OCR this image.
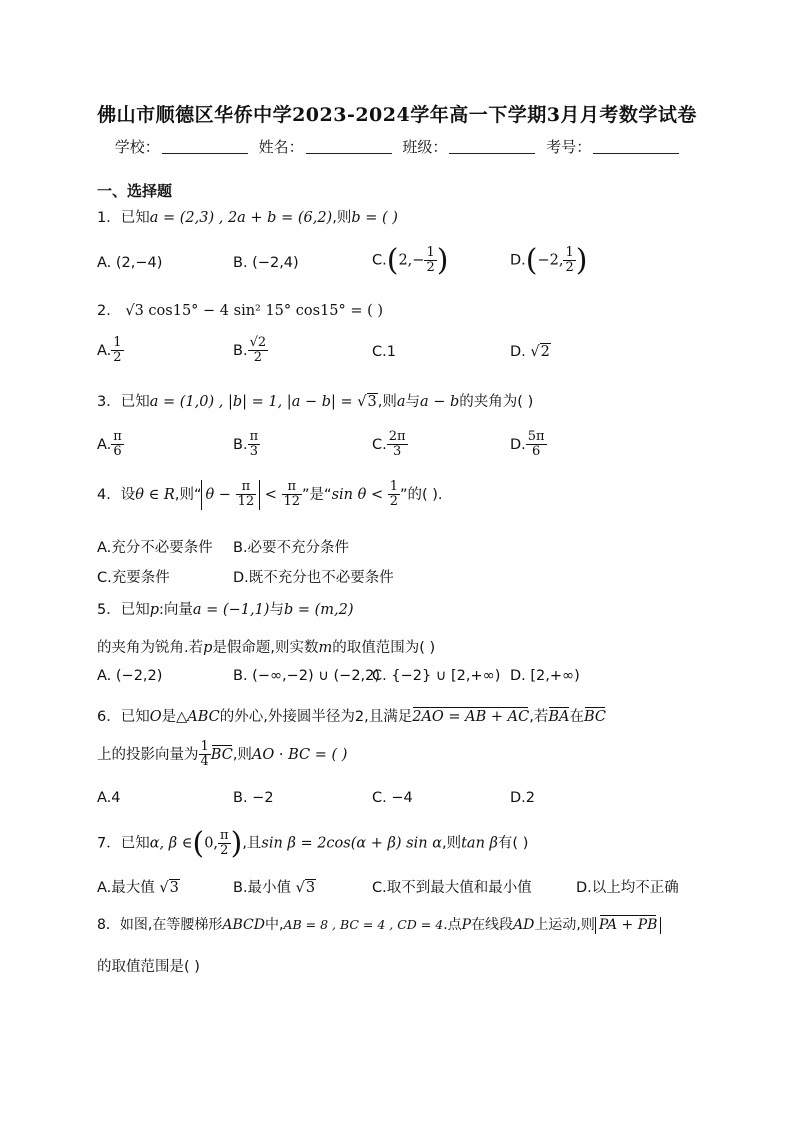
佛山市顺德区华侨中学2023-2024学年高一下学期3月月考数学试卷
学校：	姓名：	班级：	考号：
一、选择题
1．已知a = (2,3) , 2a + b = (6,2),则b = ( )
A. (2,−4)	B. (−2,4)	$C.(2,- \frac{1}{2}$ )	D.(−2, $\frac{1}{2}$ )
2． √3 cos15° − 4 sin² 15° cos15° = ( )
A. $\frac{1}{2}$	B. $\frac{√2}{2}$	C.1	D. √2
3．已知a = (1,0) , |b| = 1, |a − b| = √3,则a与a − b的夹角为( )
A. $\frac{\pi}{6}$	B. $\frac{\pi}{3}$	C. $\frac{2\pi}{3}$	D. $\frac{5\pi}{6}$
4．设θ ∈ R,则“ $\theta - \frac{\pi}{12} < \frac{\pi}{12}$ ”是“sin $\theta < \frac{1}{2}$ ”的( ).
A.充分不必要条件 B.必要不充分条件
C.充要条件	D.既不充分也不必要条件
5．已知p:向量a = (−1,1)与b = (m,2)
的夹角为锐角.若p是假命题,则实数m的取值范围为( )
A. (−2,2)	B. (−∞,−2) ∪ (−2,2)
C. {−2} ∪ [2,+∞) D. [2,+∞)
6．已知O是△ABC的外心,外接圆半径为2,且满足2AO = AB + AC,若BA在BC
上的投影向量为 $\frac{1}{4}$ BC,则AO · BC = ( )
A.4	B. −2	C. −4	D.2
7．已知α, β ∈(0, $\frac{\pi}{2}$ ),且sin β = 2cos(α + β) sin α,则tan β有( )
A.最大值 √3	B.最小值 √3	C.取不到最大值和最小值	D.以上均不正确
8．如图,在等腰梯形ABCD中,AB = 8 , BC = 4 , CD = 4.点P在线段AD上运动,则 PA + PB
的取值范围是( )
